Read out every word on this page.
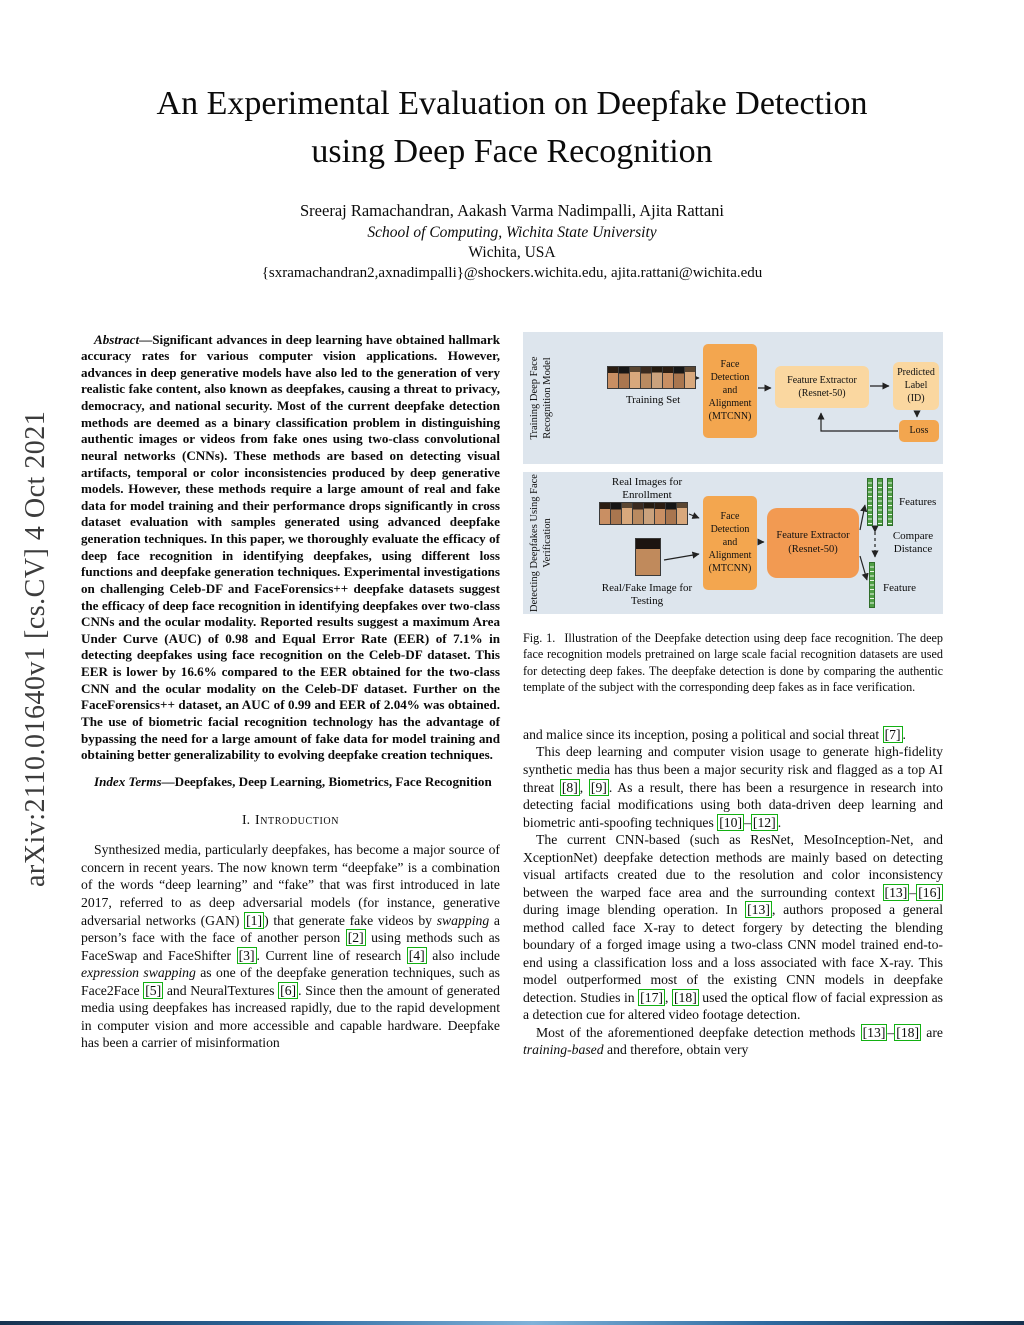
arXiv:2110.01640v1 [cs.CV] 4 Oct 2021
An Experimental Evaluation on Deepfake Detection
using Deep Face Recognition
Sreeraj Ramachandran, Aakash Varma Nadimpalli, Ajita Rattani
School of Computing, Wichita State University
Wichita, USA
{sxramachandran2,axnadimpalli}@shockers.wichita.edu, ajita.rattani@wichita.edu

Abstract—Significant advances in deep learning have obtained hallmark accuracy rates for various computer vision applications. However, advances in deep generative models have also led to the generation of very realistic fake content, also known as deepfakes, causing a threat to privacy, democracy, and national security. Most of the current deepfake detection methods are deemed as a binary classification problem in distinguishing authentic images or videos from fake ones using two-class convolutional neural networks (CNNs). These methods are based on detecting visual artifacts, temporal or color inconsistencies produced by deep generative models. However, these methods require a large amount of real and fake data for model training and their performance drops significantly in cross dataset evaluation with samples generated using advanced deepfake generation techniques. In this paper, we thoroughly evaluate the efficacy of deep face recognition in identifying deepfakes, using different loss functions and deepfake generation techniques. Experimental investigations on challenging Celeb-DF and FaceForensics++ deepfake datasets suggest the efficacy of deep face recognition in identifying deepfakes over two-class CNNs and the ocular modality. Reported results suggest a maximum Area Under Curve (AUC) of 0.98 and Equal Error Rate (EER) of 7.1% in detecting deepfakes using face recognition on the Celeb-DF dataset. This EER is lower by 16.6% compared to the EER obtained for the two-class CNN and the ocular modality on the Celeb-DF dataset. Further on the FaceForensics++ dataset, an AUC of 0.99 and EER of 2.04% was obtained. The use of biometric facial recognition technology has the advantage of bypassing the need for a large amount of fake data for model training and obtaining better generalizability to evolving deepfake creation techniques.

Index Terms—Deepfakes, Deep Learning, Biometrics, Face Recognition

I. Introduction

Synthesized media, particularly deepfakes, has become a major source of concern in recent years. The now known term “deepfake” is a combination of the words “deep learning” and “fake” that was first introduced in late 2017, referred to as deep adversarial models (for instance, generative adversarial networks (GAN) [1] ) that generate fake videos by swapping a person’s face with the face of another person [2] using methods such as FaceSwap and FaceShifter [3] . Current line of research [4] also include expression swapping as one of the deepfake generation techniques, such as Face2Face [5] and NeuralTextures [6] . Since then the amount of generated media using deepfakes has increased rapidly, due to the rapid development in computer vision and more accessible and capable hardware. Deepfake has been a carrier of misinformation

Training Deep Face Recognition Model	Training Set
Face Detection and Alignment (MTCNN)
Feature Extractor (Resnet-50)
Predicted Label (ID)
Loss
Detecting Deepfakes Using Face Verification
Real Images for Enrollment
Real/Fake Image for Testing
Face Detection and Alignment (MTCNN)
Feature Extractor (Resnet-50)
Features
Compare Distance
Feature
Fig. 1. Illustration of the Deepfake detection using deep face recognition. The deep face recognition models pretrained on large scale facial recognition datasets are used for detecting deep fakes. The deepfake detection is done by comparing the authentic template of the subject with the corresponding deep fakes as in face verification.

and malice since its inception, posing a political and social threat [7] .

This deep learning and computer vision usage to generate high-fidelity synthetic media has thus been a major security risk and flagged as a top AI threat [8] , [9] . As a result, there has been a resurgence in research into detecting facial modifications using both data-driven deep learning and biometric anti-spoofing techniques [10] – [12] .

The current CNN-based (such as ResNet, MesoInception-Net, and XceptionNet) deepfake detection methods are mainly based on detecting visual artifacts created due to the resolution and color inconsistency between the warped face area and the surrounding context [13] – [16] during image blending operation. In [13] , authors proposed a general method called face X-ray to detect forgery by detecting the blending boundary of a forged image using a two-class CNN model trained end-to-end using a classification loss and a loss associated with face X-ray. This model outperformed most of the existing CNN models in deepfake detection. Studies in [17] , [18] used the optical flow of facial expression as a detection cue for altered video footage detection.

Most of the aforementioned deepfake detection methods [13] – [18] are training-based and therefore, obtain very
